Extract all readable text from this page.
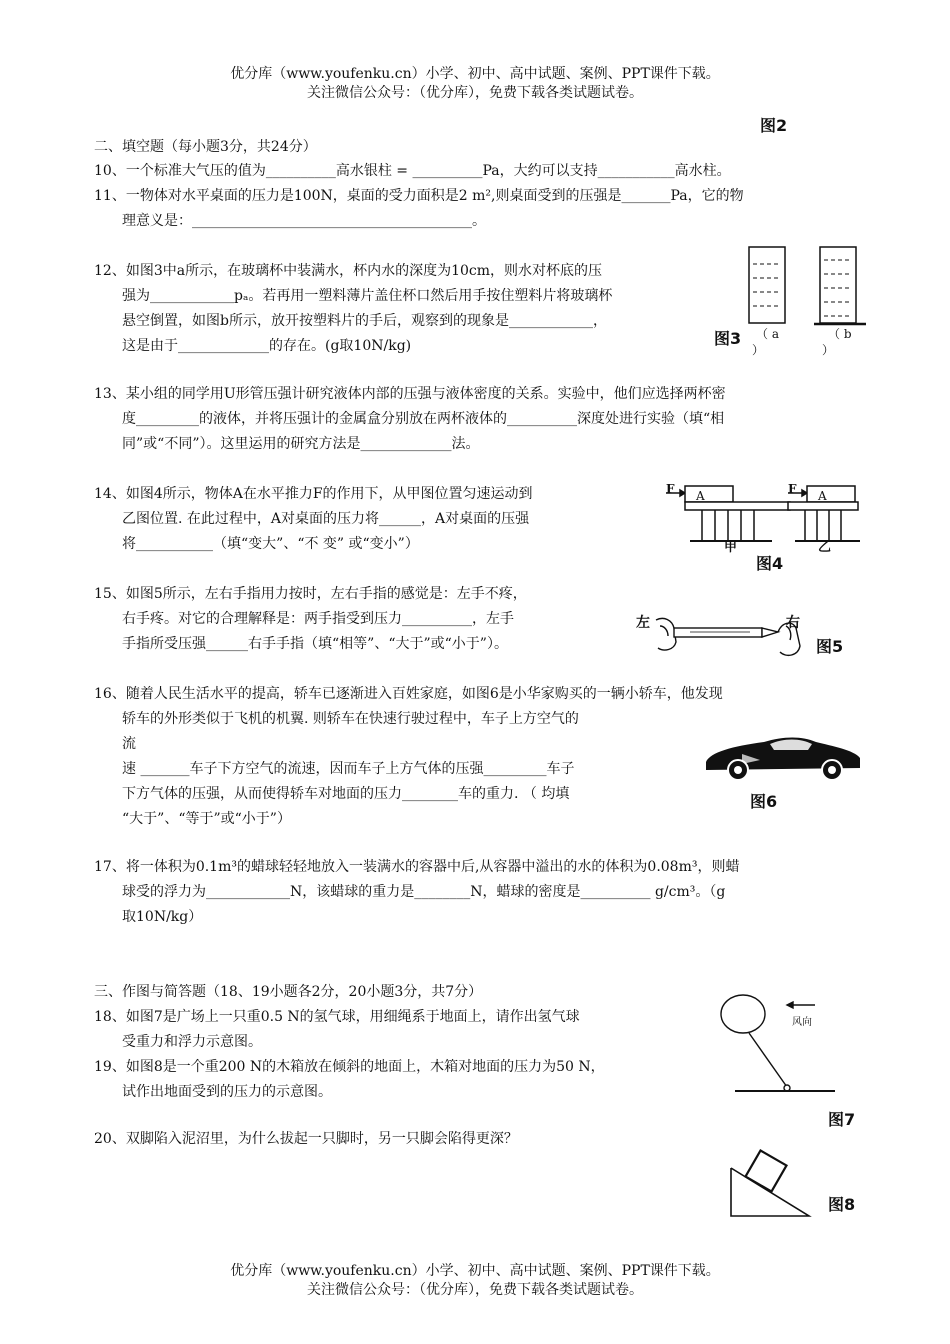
优分库（www.youfenku.cn）小学、初中、高中试题、案例、PPT课件下载。
关注微信公众号：（优分库），免费下载各类试题试卷。
图2
二、填空题（每小题3分，共24分）
10、一个标准大气压的值为__________高水银柱 = __________Pa，大约可以支持___________高水柱。
11、一物体对水平桌面的压力是100N，桌面的受力面积是2 m²,则桌面受到的压强是_______Pa，它的物
理意义是：________________________________________。
12、如图3中a所示，在玻璃杯中装满水，杯内水的深度为10cm，则水对杯底的压
强为____________pₐ。若再用一塑料薄片盖住杯口然后用手按住塑料片将玻璃杯
悬空倒置，如图b所示，放开按塑料片的手后，观察到的现象是____________，
这是由于_____________的存在。(g取10N/kg)	图3 （ a
）
（ b
）
13、某小组的同学用U形管压强计研究液体内部的压强与液体密度的关系。实验中，他们应选择两杯密
度_________的液体，并将压强计的金属盒分别放在两杯液体的__________深度处进行实验（填“相
同”或“不同”）。这里运用的研究方法是_____________法。
14、如图4所示，物体A在水平推力F的作用下，从甲图位置匀速运动到
乙图位置. 在此过程中，A对桌面的压力将______，A对桌面的压强
将___________（填“变大”、“不 变” 或“变小”）
F A	F A
甲	乙
图4
15、如图5所示，左右手指用力按时，左右手指的感觉是：左手不疼，
右手疼。对它的合理解释是：两手指受到压力__________，左手
手指所受压强______右手手指（填“相等”、“大于”或“小于”）。
左	右
图5
16、随着人民生活水平的提高，轿车已逐渐进入百姓家庭，如图6是小华家购买的一辆小轿车，他发现
轿车的外形类似于飞机的机翼. 则轿车在快速行驶过程中，车子上方空气的
流
速 _______车子下方空气的流速，因而车子上方气体的压强_________车子
下方气体的压强，从而使得轿车对地面的压力________车的重力. （ 均填
“大于”、“等于”或“小于”）
图6
17、将一体积为0.1m³的蜡球轻轻地放入一装满水的容器中后,从容器中溢出的水的体积为0.08m³，则蜡
球受的浮力为____________N，该蜡球的重力是________N，蜡球的密度是__________ g/cm³。（g
取10N/kg）
三、作图与简答题（18、19小题各2分，20小题3分，共7分）
18、如图7是广场上一只重0.5 N的氢气球，用细绳系于地面上，请作出氢气球
受重力和浮力示意图。
19、如图8是一个重200 N的木箱放在倾斜的地面上，木箱对地面的压力为50 N，
试作出地面受到的压力的示意图。
20、双脚陷入泥沼里，为什么拔起一只脚时，另一只脚会陷得更深？
风向
图7
图8
优分库（www.youfenku.cn）小学、初中、高中试题、案例、PPT课件下载。
关注微信公众号：（优分库），免费下载各类试题试卷。
